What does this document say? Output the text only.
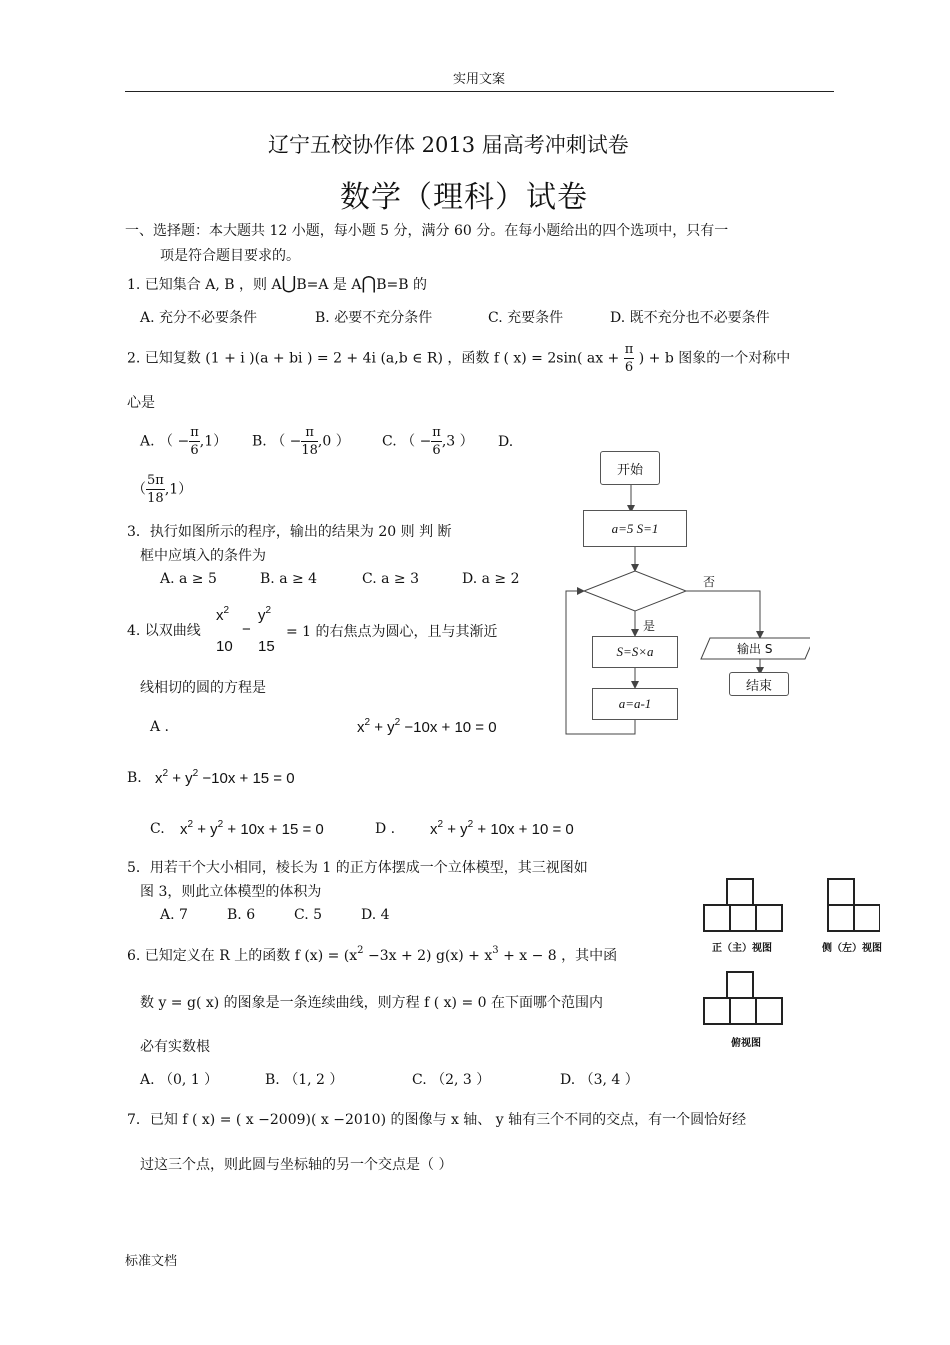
实用文案
辽宁五校协作体 2013 届高考冲刺试卷
数学（理科）试卷
一、选择题：本大题共 12 小题，每小题 5 分，满分 60 分。在每小题给出的四个选项中，只有一
项是符合题目要求的。
1. 已知集合 A, B ，则 A⋃B=A 是 A⋂B=B 的
A. 充分不必要条件	B. 必要不充分条件	C. 充要条件	D. 既不充分也不必要条件
2. 已知复数 (1 + i )(a + bi ) = 2 + 4i (a,b ∈ R) ，函数 f ( x) = 2sin( ax + $\frac{\pi}{6}$ ) + b 图象的一个对称中
心是
A. （ − $\frac{\pi}{6} ,1$） B. （ − $\frac{\pi}{18} ,0$ ） C. （ − $\frac{\pi}{6} ,3$ ） D.
（ $\frac{5\pi}{18} ,1$）
3．执行如图所示的程序，输出的结果为 20 则 判 断
框中应填入的条件为
A. a ≥ 5	B. a ≥ 4	C. a ≥ 3	D. a ≥ 2
开始
a=5 S=1
否
是
S=S×a
a=a-1
输出 S
结束
4. 以双曲线
$x^2$
10
−
$y^2$
15
= 1 的右焦点为圆心，且与其渐近
线相切的圆的方程是
A .	$x^2 + y^2 -10x + 10 = 0$
B. $x^2 + y^2 -10x + 15 = 0$
C. $x^2 + y^2 + 10x + 15 = 0$	D . $x^2 + y^2 + 10x + 10 = 0$
5．用若干个大小相同，棱长为 1 的正方体摆成一个立体模型，其三视图如
图 3，则此立体模型的体积为
A. 7	B. 6	C. 5	D. 4
正（主）视图	侧（左）视图
俯视图
6. 已知定义在 R 上的函数 f $(x) = (x^2 -3x + 2) g(x) + x^3 + x - 8$ ，其中函
数 y = g( x) 的图象是一条连续曲线，则方程 f ( x) = 0 在下面哪个范围内
必有实数根
A. （0, 1 ）	B. （1, 2 ）	C. （2, 3 ）	D. （3, 4 ）
7．已知 f ( x) = ( x −2009)( x −2010) 的图像与 x 轴、 y 轴有三个不同的交点，有一个圆恰好经
过这三个点，则此圆与坐标轴的另一个交点是（ ）
标准文档
